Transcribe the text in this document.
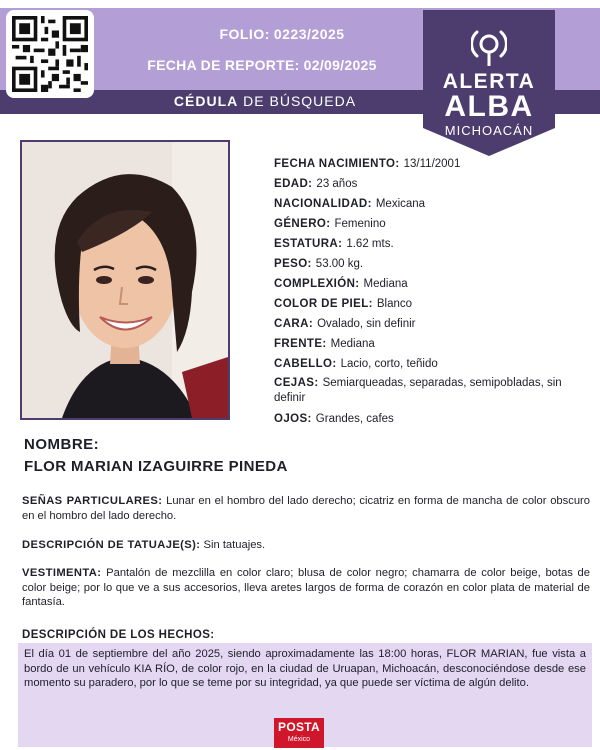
FOLIO: 0223/2025
FECHA DE REPORTE: 02/09/2025
CÉDULA DE BÚSQUEDA
ALERTA
ALBA
MICHOACÁN
FECHA NACIMIENTO: 13/11/2001
EDAD: 23 años
NACIONALIDAD: Mexicana
GÉNERO: Femenino
ESTATURA: 1.62 mts.
PESO: 53.00 kg.
COMPLEXIÓN: Mediana
COLOR DE PIEL: Blanco
CARA: Ovalado, sin definir
FRENTE: Mediana
CABELLO: Lacio, corto, teñido
CEJAS: Semiarqueadas, separadas, semipobladas, sin definir
OJOS: Grandes, cafes
NOMBRE:
FLOR MARIAN IZAGUIRRE PINEDA
SEÑAS PARTICULARES: Lunar en el hombro del lado derecho; cicatriz en forma de mancha de color obscuro en el hombro del lado derecho.
DESCRIPCIÓN DE TATUAJE(S): Sin tatuajes.
VESTIMENTA: Pantalón de mezclilla en color claro; blusa de color negro; chamarra de color beige, botas de color beige; por lo que ve a sus accesorios, lleva aretes largos de forma de corazón en color plata de material de fantasía.
DESCRIPCIÓN DE LOS HECHOS:
El día 01 de septiembre del año 2025, siendo aproximadamente las 18:00 horas, FLOR MARIAN, fue vista a bordo de un vehículo KIA RÍO, de color rojo, en la ciudad de Uruapan, Michoacán, desconociéndose desde ese momento su paradero, por lo que se teme por su integridad, ya que puede ser víctima de algún delito.
POSTA
México
